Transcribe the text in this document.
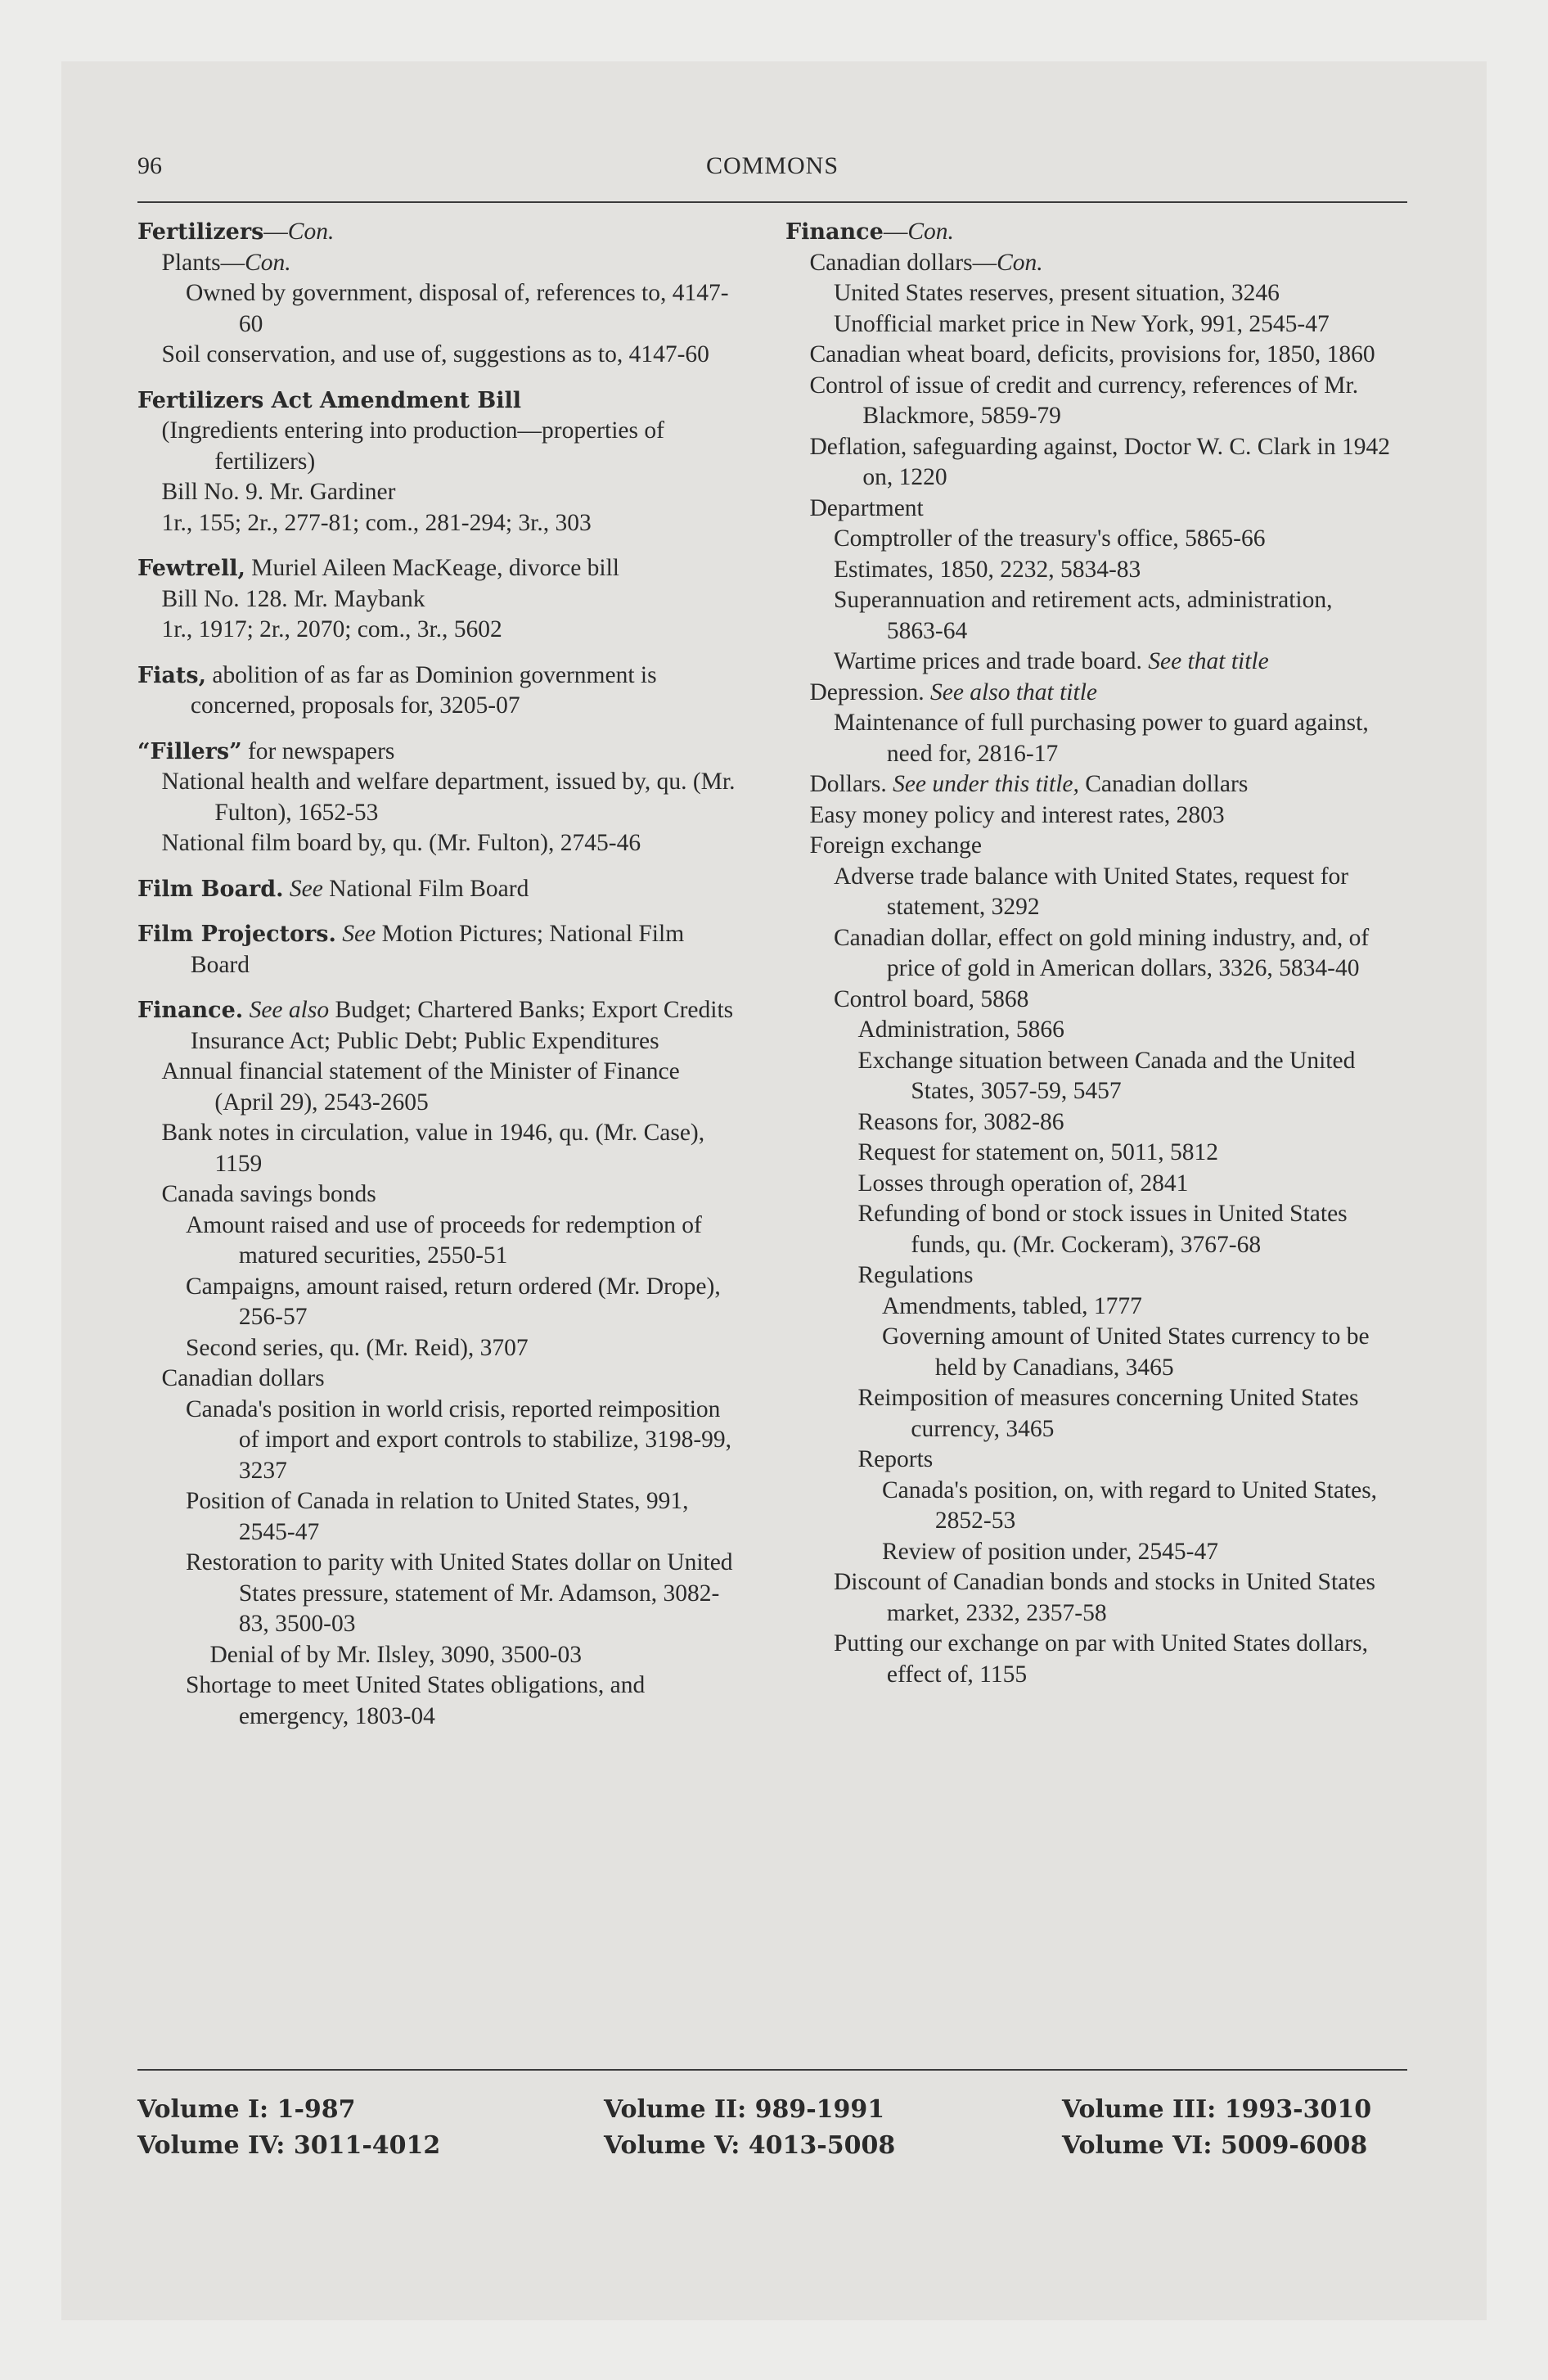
96	COMMONS

Fertilizers—Con.

Plants—Con.

Owned by government, disposal of, references to, 4147-60

Soil conservation, and use of, suggestions as to, 4147-60

Fertilizers Act Amendment Bill

(Ingredients entering into production—properties of fertilizers)

Bill No. 9. Mr. Gardiner

1r., 155; 2r., 277-81; com., 281-294; 3r., 303

Fewtrell, Muriel Aileen MacKeage, divorce bill

Bill No. 128. Mr. Maybank

1r., 1917; 2r., 2070; com., 3r., 5602

Fiats, abolition of as far as Dominion government is concerned, proposals for, 3205-07

“Fillers” for newspapers

National health and welfare department, issued by, qu. (Mr. Fulton), 1652-53

National film board by, qu. (Mr. Fulton), 2745-46

Film Board. See National Film Board

Film Projectors. See Motion Pictures; National Film Board

Finance. See also Budget; Chartered Banks; Export Credits Insurance Act; Public Debt; Public Expenditures

Annual financial statement of the Minister of Finance (April 29), 2543-2605

Bank notes in circulation, value in 1946, qu. (Mr. Case), 1159

Canada savings bonds

Amount raised and use of proceeds for redemption of matured securities, 2550-51

Campaigns, amount raised, return ordered (Mr. Drope), 256-57

Second series, qu. (Mr. Reid), 3707

Canadian dollars

Canada's position in world crisis, reported reimposition of import and export controls to stabilize, 3198-99, 3237

Position of Canada in relation to United States, 991, 2545-47

Restoration to parity with United States dollar on United States pressure, statement of Mr. Adamson, 3082-83, 3500-03

Denial of by Mr. Ilsley, 3090, 3500-03

Shortage to meet United States obligations, and emergency, 1803-04

Finance—Con.

Canadian dollars—Con.

United States reserves, present situation, 3246

Unofficial market price in New York, 991, 2545-47

Canadian wheat board, deficits, provisions for, 1850, 1860

Control of issue of credit and currency, references of Mr. Blackmore, 5859-79

Deflation, safeguarding against, Doctor W. C. Clark in 1942 on, 1220

Department

Comptroller of the treasury's office, 5865-66

Estimates, 1850, 2232, 5834-83

Superannuation and retirement acts, administration, 5863-64

Wartime prices and trade board. See that title

Depression. See also that title

Maintenance of full purchasing power to guard against, need for, 2816-17

Dollars. See under this title, Canadian dollars

Easy money policy and interest rates, 2803

Foreign exchange

Adverse trade balance with United States, request for statement, 3292

Canadian dollar, effect on gold mining industry, and, of price of gold in American dollars, 3326, 5834-40

Control board, 5868

Administration, 5866

Exchange situation between Canada and the United States, 3057-59, 5457

Reasons for, 3082-86

Request for statement on, 5011, 5812

Losses through operation of, 2841

Refunding of bond or stock issues in United States funds, qu. (Mr. Cockeram), 3767-68

Regulations

Amendments, tabled, 1777

Governing amount of United States currency to be held by Canadians, 3465

Reimposition of measures concerning United States currency, 3465

Reports

Canada's position, on, with regard to United States, 2852-53

Review of position under, 2545-47

Discount of Canadian bonds and stocks in United States market, 2332, 2357-58

Putting our exchange on par with United States dollars, effect of, 1155

Volume I: 1-987
Volume IV: 3011-4012
Volume II: 989-1991
Volume V: 4013-5008
Volume III: 1993-3010
Volume VI: 5009-6008
